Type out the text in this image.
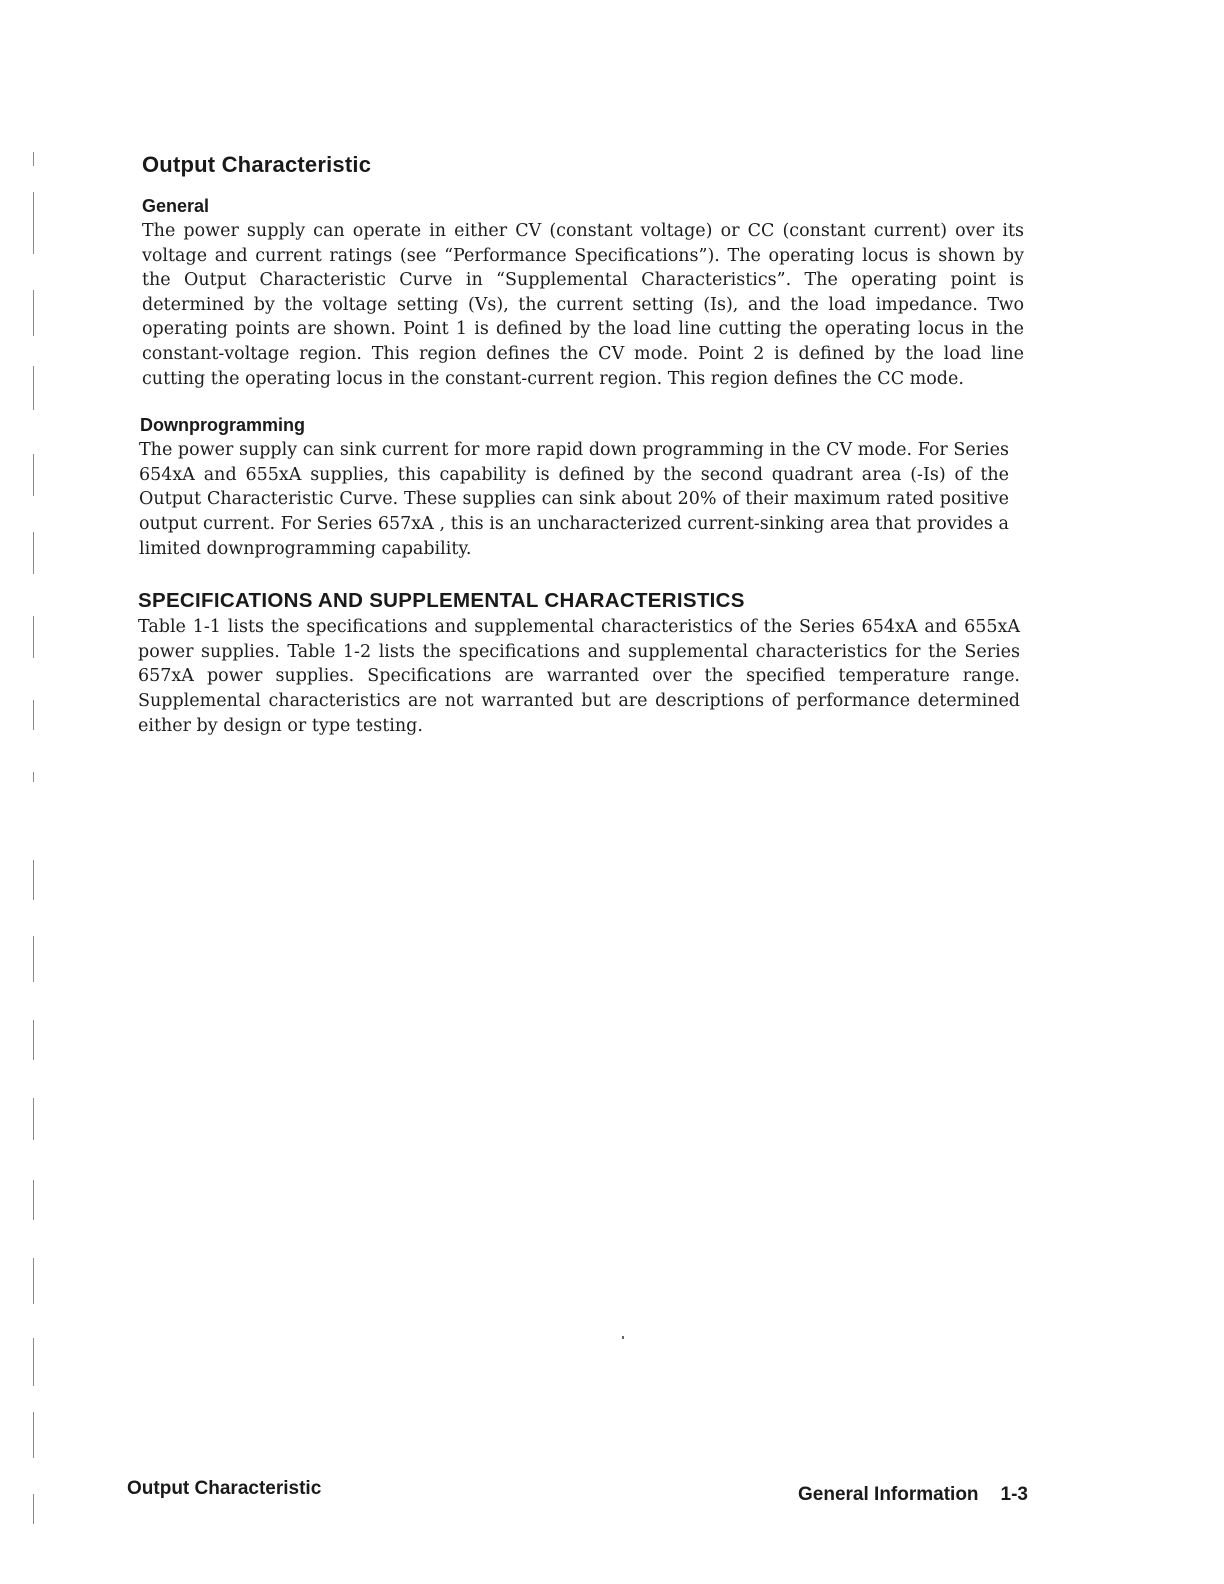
Output Characteristic
General

The power supply can operate in either CV (constant voltage) or CC (constant current) over its voltage and current ratings (see “Performance Specifications”). The operating locus is shown by the Output Characteristic Curve in “Supplemental Characteristics”. The operating point is determined by the voltage setting (Vs), the current setting (Is), and the load impedance. Two operating points are shown. Point 1 is defined by the load line cutting the operating locus in the constant-voltage region. This region defines the CV mode. Point 2 is defined by the load line cutting the operating locus in the constant-current region. This region defines the CC mode.

Downprogramming

The power supply can sink current for more rapid down programming in the CV mode. For Series 654xA and 655xA supplies, this capability is defined by the second quadrant area (-Is) of the Output Characteristic Curve. These supplies can sink about 20% of their maximum rated positive output current. For Series 657xA , this is an uncharacterized current-sinking area that provides a limited downprogramming capability.

SPECIFICATIONS AND SUPPLEMENTAL CHARACTERISTICS

Table 1-1 lists the specifications and supplemental characteristics of the Series 654xA and 655xA power supplies. Table 1-2 lists the specifications and supplemental characteristics for the Series 657xA power supplies. Specifications are warranted over the specified temperature range. Supplemental characteristics are not warranted but are descriptions of performance determined either by design or type testing.

Output Characteristic	General Information 1-3
